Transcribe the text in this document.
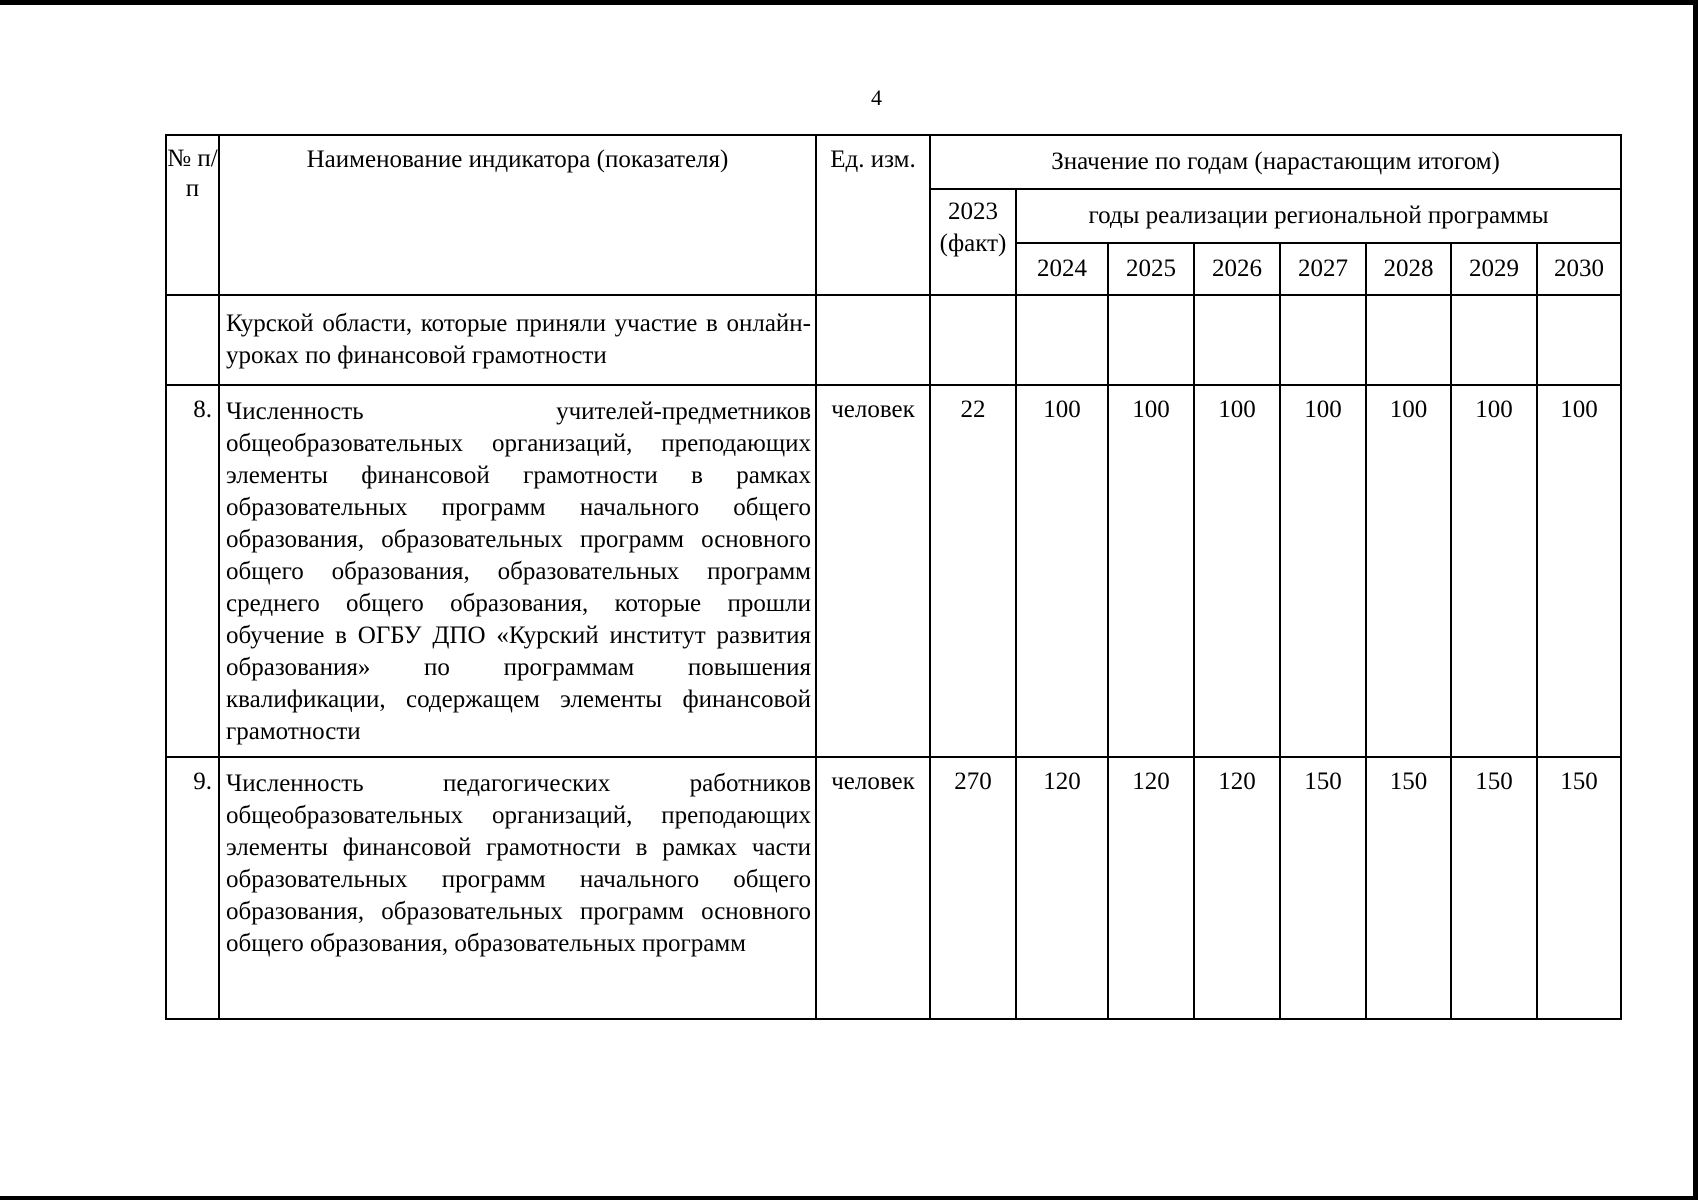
4
№ п/п	Наименование индикатора (показателя)	Ед. изм.	Значение по годам (нарастающим итогом)							

			2023
(факт)	годы реализации региональной программы						
				2024	2025	2026	2027	2028	2029	2030
	Курской области, которые приняли участие в онлайн-уроках по финансовой грамотности									
8.	Численность учителей-предметников общеобразовательных организаций, преподающих элементы финансовой грамотности в рамках образовательных программ начального общего образования, образовательных программ основного общего образования, образовательных программ среднего общего образования, которые прошли обучение в ОГБУ ДПО «Курский институт развития образования» по программам повышения квалификации, содержащем элементы финансовой грамотности	человек	22	100	100	100	100	100	100	100
9.	Численность педагогических работников общеобразовательных организаций, преподающих элементы финансовой грамотности в рамках части образовательных программ начального общего образования, образовательных программ основного общего образования, образовательных программ	человек	270	120	120	120	150	150	150	150
